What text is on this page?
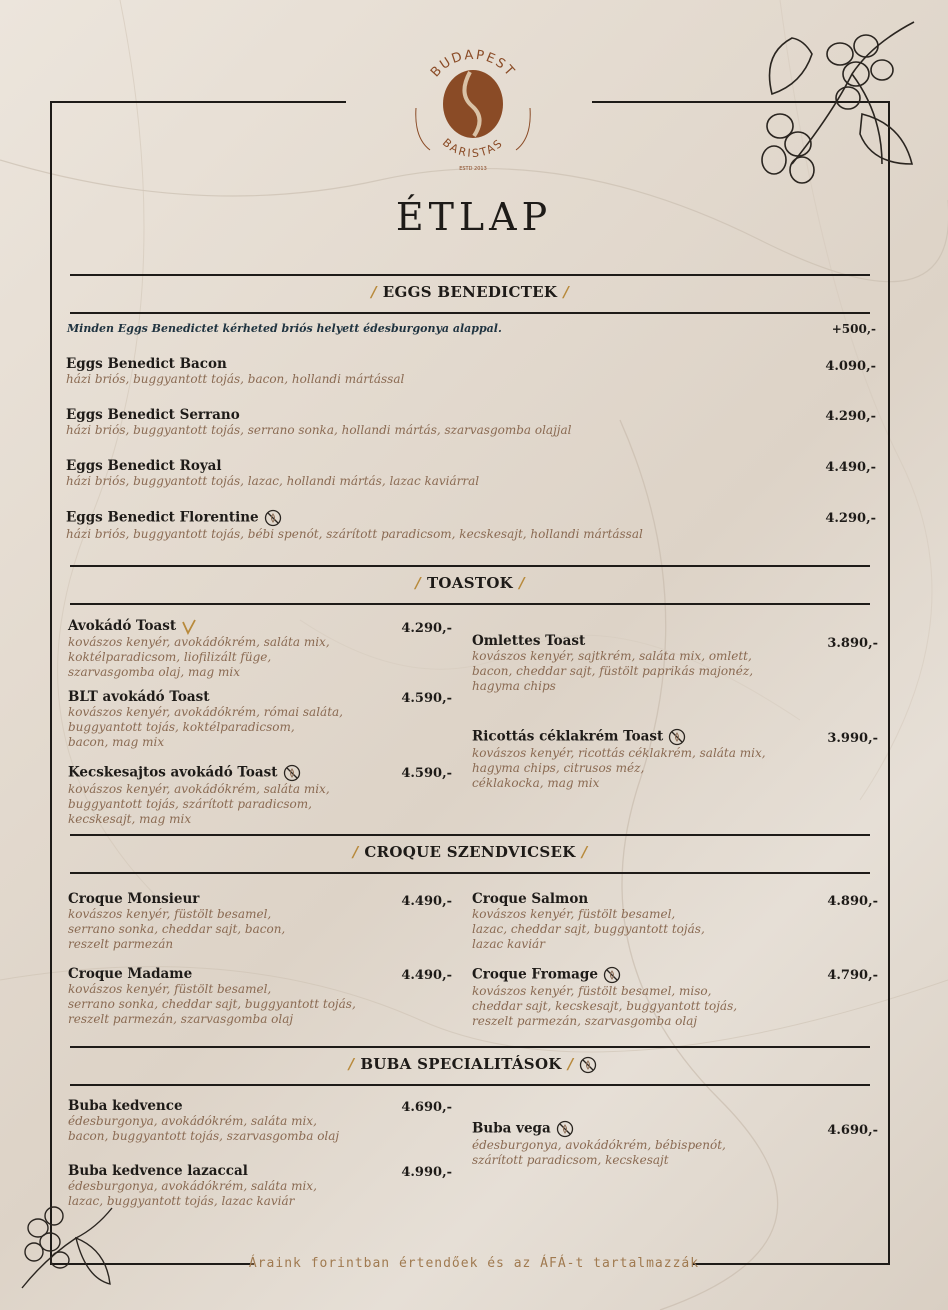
BUDAPEST
BARISTAS
ESTD 2013
ÉTLAP
/ EGGS BENEDICTEK /
Minden Eggs Benedictet kérheted briós helyett édesburgonya alappal.	+500,-
Eggs Benedict Bacon
házi briós, buggyantott tojás, bacon, hollandi mártással
4.090,-
Eggs Benedict Serrano
házi briós, buggyantott tojás, serrano sonka, hollandi mártás, szarvasgomba olajjal
4.290,-
Eggs Benedict Royal
házi briós, buggyantott tojás, lazac, hollandi mártás, lazac kaviárral
4.490,-
Eggs Benedict Florentine
házi briós, buggyantott tojás, bébi spenót, szárított paradicsom, kecskesajt, hollandi mártással
4.290,-
/ TOASTOK /
Avokádó Toast
kovászos kenyér, avokádókrém, saláta mix,
koktélparadicsom, liofilizált füge,
szarvasgomba olaj, mag mix
4.290,-
BLT avokádó Toast
kovászos kenyér, avokádókrém, római saláta,
buggyantott tojás, koktélparadicsom,
bacon, mag mix
4.590,-
Kecskesajtos avokádó Toast
kovászos kenyér, avokádókrém, saláta mix,
buggyantott tojás, szárított paradicsom,
kecskesajt, mag mix
4.590,-
Omlettes Toast
kovászos kenyér, sajtkrém, saláta mix, omlett,
bacon, cheddar sajt, füstölt paprikás majonéz,
hagyma chips
3.890,-
Ricottás céklakrém Toast
kovászos kenyér, ricottás céklakrém, saláta mix,
hagyma chips, citrusos méz,
céklakocka, mag mix
3.990,-
/ CROQUE SZENDVICSEK /
Croque Monsieur
kovászos kenyér, füstölt besamel,
serrano sonka, cheddar sajt, bacon,
reszelt parmezán
4.490,-
Croque Madame
kovászos kenyér, füstölt besamel,
serrano sonka, cheddar sajt, buggyantott tojás,
reszelt parmezán, szarvasgomba olaj
4.490,-
Croque Salmon
kovászos kenyér, füstölt besamel,
lazac, cheddar sajt, buggyantott tojás,
lazac kaviár
4.890,-
Croque Fromage
kovászos kenyér, füstölt besamel, miso,
cheddar sajt, kecskesajt, buggyantott tojás,
reszelt parmezán, szarvasgomba olaj
4.790,-
/ BUBA SPECIALITÁSOK /
Buba kedvence
édesburgonya, avokádókrém, saláta mix,
bacon, buggyantott tojás, szarvasgomba olaj
4.690,-
Buba kedvence lazaccal
édesburgonya, avokádókrém, saláta mix,
lazac, buggyantott tojás, lazac kaviár
4.990,-
Buba vega
édesburgonya, avokádókrém, bébispenót,
szárított paradicsom, kecskesajt
4.690,-
Áraink forintban értendőek és az ÁFÁ-t tartalmazzák
